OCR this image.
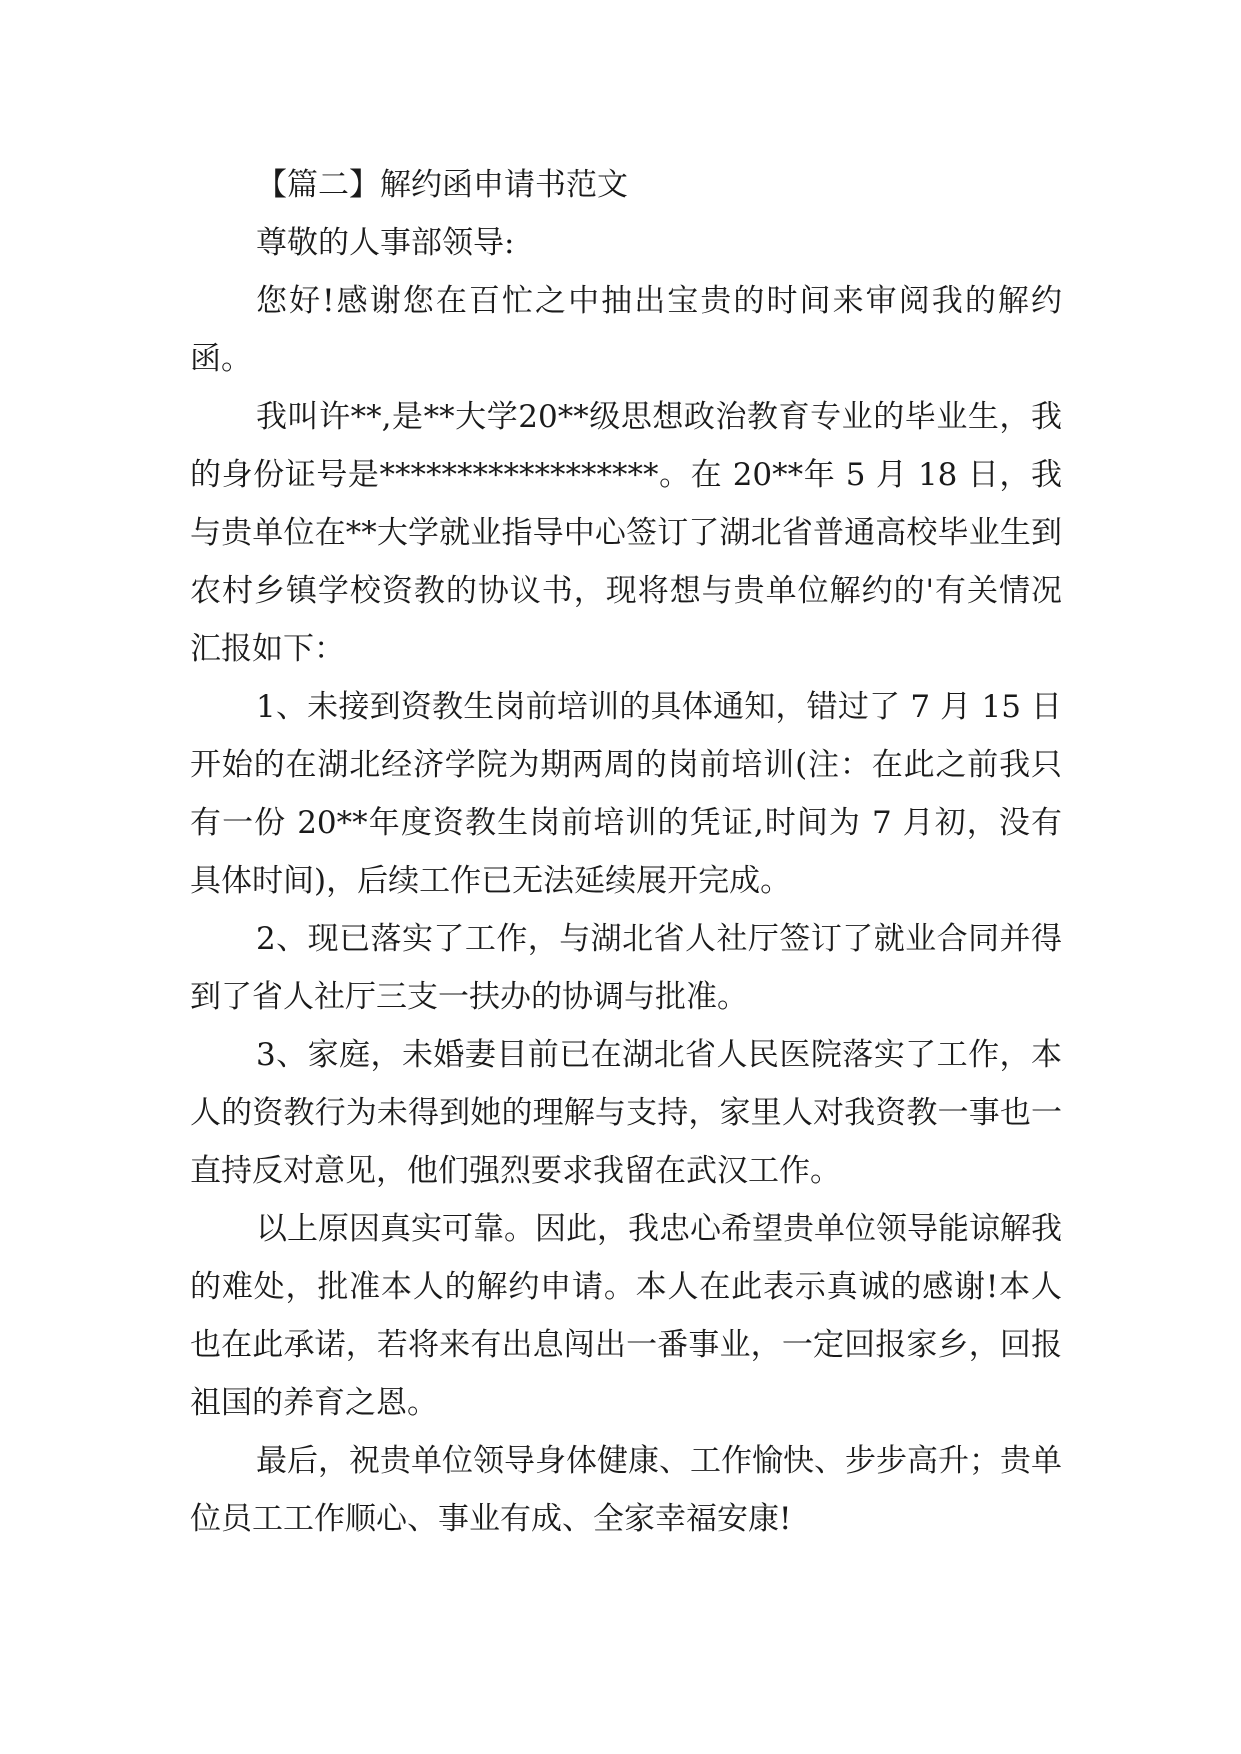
【篇二】解约函申请书范文

尊敬的人事部领导:

您好!感谢您在百忙之中抽出宝贵的时间来审阅我的解约函。

我叫许**,是**大学20**级思想政治教育专业的毕业生，我的身份证号是******************。在 20**年 5 月 18 日，我与贵单位在**大学就业指导中心签订了湖北省普通高校毕业生到农村乡镇学校资教的协议书，现将想与贵单位解约的'有关情况汇报如下：

1、未接到资教生岗前培训的具体通知，错过了 7 月 15 日开始的在湖北经济学院为期两周的岗前培训(注：在此之前我只有一份 20**年度资教生岗前培训的凭证,时间为 7 月初，没有具体时间)，后续工作已无法延续展开完成。

2、现已落实了工作，与湖北省人社厅签订了就业合同并得到了省人社厅三支一扶办的协调与批准。

3、家庭，未婚妻目前已在湖北省人民医院落实了工作，本人的资教行为未得到她的理解与支持，家里人对我资教一事也一直持反对意见，他们强烈要求我留在武汉工作。

以上原因真实可靠。因此，我忠心希望贵单位领导能谅解我的难处，批准本人的解约申请。本人在此表示真诚的感谢!本人也在此承诺，若将来有出息闯出一番事业，一定回报家乡，回报祖国的养育之恩。

最后，祝贵单位领导身体健康、工作愉快、步步高升；贵单位员工工作顺心、事业有成、全家幸福安康!
